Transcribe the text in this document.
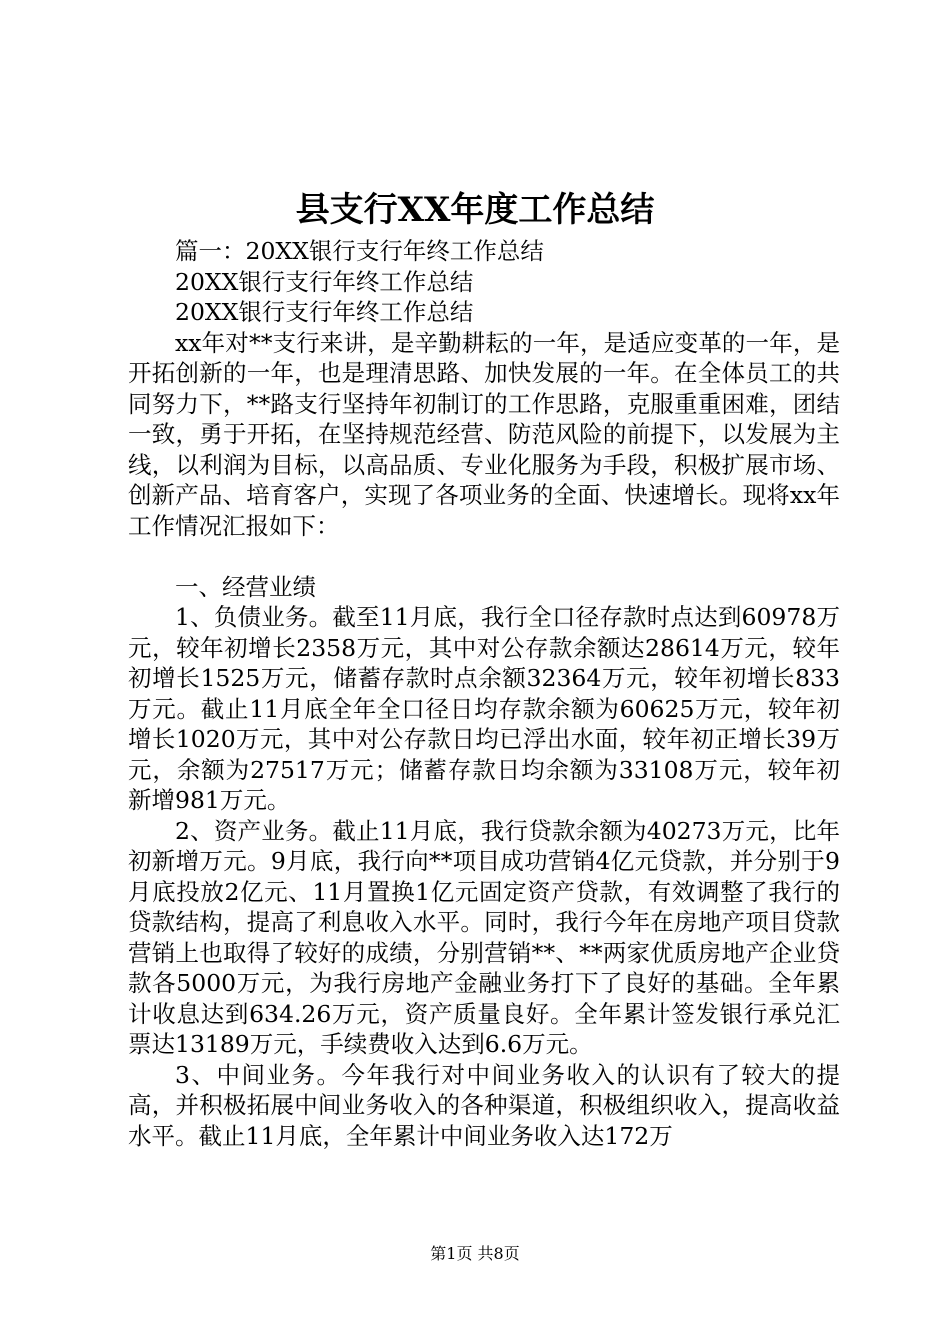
县支行XX年度工作总结

篇一：20XX银行支行年终工作总结

20XX银行支行年终工作总结

20XX银行支行年终工作总结

xx年对**支行来讲，是辛勤耕耘的一年，是适应变革的一年，是开拓创新的一年，也是理清思路、加快发展的一年。在全体员工的共同努力下，**路支行坚持年初制订的工作思路，克服重重困难，团结一致，勇于开拓，在坚持规范经营、防范风险的前提下，以发展为主线，以利润为目标，以高品质、专业化服务为手段，积极扩展市场、创新产品、培育客户，实现了各项业务的全面、快速增长。现将xx年工作情况汇报如下：

一、经营业绩

1、负债业务。截至11月底，我行全口径存款时点达到60978万元，较年初增长2358万元，其中对公存款余额达28614万元，较年初增长1525万元，储蓄存款时点余额32364万元，较年初增长833万元。截止11月底全年全口径日均存款余额为60625万元，较年初增长1020万元，其中对公存款日均已浮出水面，较年初正增长39万元，余额为27517万元；储蓄存款日均余额为33108万元，较年初新增981万元。

2、资产业务。截止11月底，我行贷款余额为40273万元，比年初新增万元。9月底，我行向**项目成功营销4亿元贷款，并分别于9月底投放2亿元、11月置换1亿元固定资产贷款，有效调整了我行的贷款结构，提高了利息收入水平。同时，我行今年在房地产项目贷款营销上也取得了较好的成绩，分别营销**、**两家优质房地产企业贷款各5000万元，为我行房地产金融业务打下了良好的基础。全年累计收息达到634.26万元，资产质量良好。全年累计签发银行承兑汇票达13189万元，手续费收入达到6.6万元。

3、中间业务。今年我行对中间业务收入的认识有了较大的提高，并积极拓展中间业务收入的各种渠道，积极组织收入，提高收益水平。截止11月底，全年累计中间业务收入达172万

第1页 共8页
